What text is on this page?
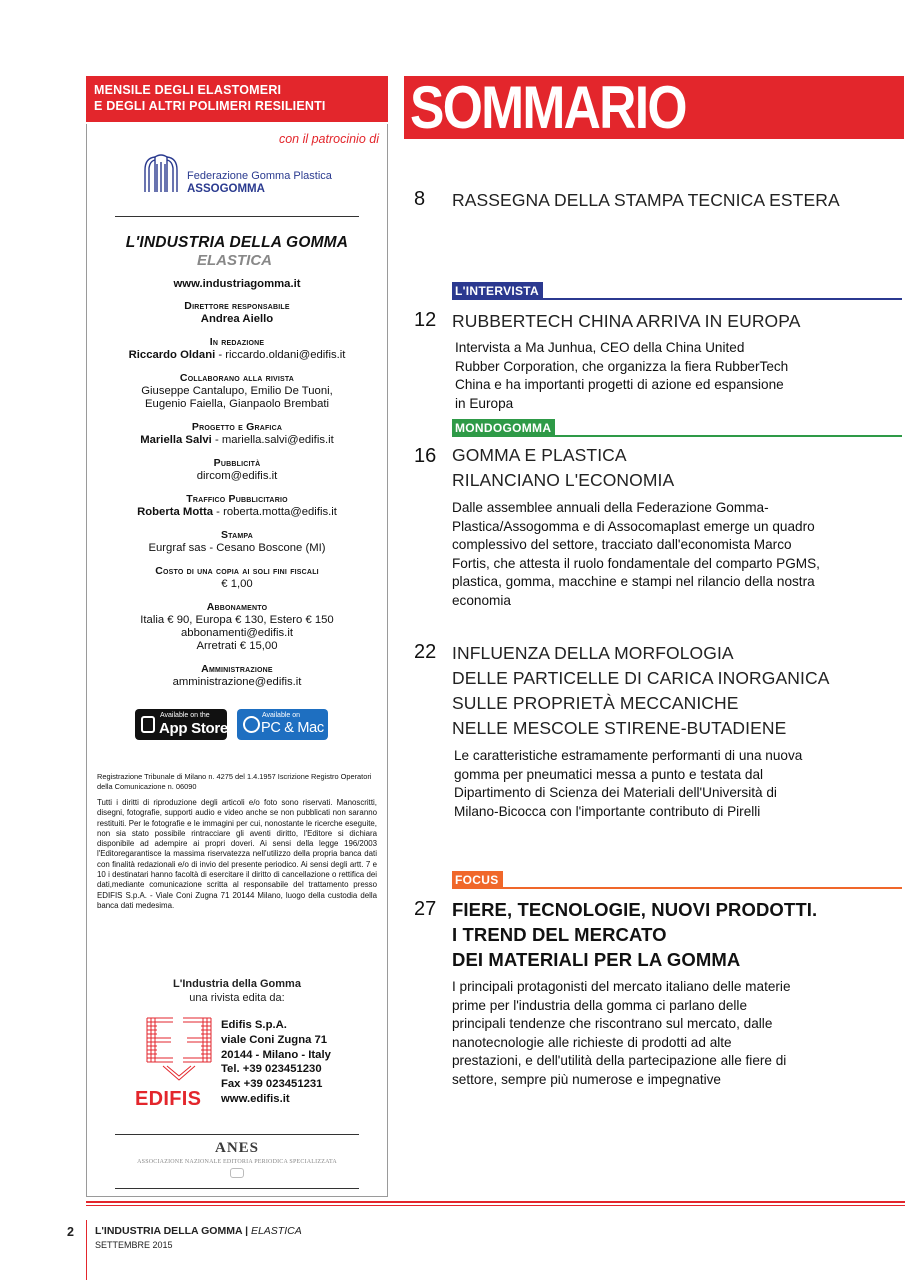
MENSILE DEGLI ELASTOMERI
E DEGLI ALTRI POLIMERI RESILIENTI
con il patrocinio di
Federazione Gomma Plastica
ASSOGOMMA
L'INDUSTRIA DELLA GOMMA
ELASTICA
www.industriagomma.it
Direttore responsabile
Andrea Aiello
In redazione
Riccardo Oldani - riccardo.oldani@edifis.it
Collaborano alla rivista
Giuseppe Cantalupo, Emilio De Tuoni,
Eugenio Faiella, Gianpaolo Brembati
Progetto e Grafica
Mariella Salvi - mariella.salvi@edifis.it
Pubblicità
dircom@edifis.it
Traffico Pubblicitario
Roberta Motta - roberta.motta@edifis.it
Stampa
Eurgraf sas - Cesano Boscone (MI)
Costo di una copia ai soli fini fiscali
€ 1,00
Abbonamento
Italia € 90, Europa € 130, Estero € 150
abbonamenti@edifis.it
Arretrati € 15,00
Amministrazione
amministrazione@edifis.it
Available on the
App Store
Available on
PC & Mac
Registrazione Tribunale di Milano n. 4275 del 1.4.1957 Iscrizione Registro Operatori della Comunicazione n. 06090
Tutti i diritti di riproduzione degli articoli e/o foto sono riservati. Manoscritti, disegni, fotografie, supporti audio e video anche se non pubblicati non saranno restituiti. Per le fotografie e le immagini per cui, nonostante le ricerche eseguite, non sia stato possibile rintracciare gli aventi diritto, l'Editore si dichiara disponibile ad adempire ai propri doveri. Ai sensi della legge 196/2003 l'Editoregarantisce la massima riservatezza nell'utilizzo della propria banca dati con finalità redazionali e/o di invio del presente periodico. Ai sensi degli artt. 7 e 10 i destinatari hanno facoltà di esercitare il diritto di cancellazione o rettifica dei dati,mediante comunicazione scritta al responsabile del trattamento presso EDIFIS S.p.A. - Viale Coni Zugna 71 20144 Milano, luogo della custodia della banca dati medesima.
L'Industria della Gomma
una rivista edita da:
EDIFIS
Edifis S.p.A.
viale Coni Zugna 71
20144 - Milano - Italy
Tel. +39 023451230
Fax +39 023451231
www.edifis.it
ANES
ASSOCIAZIONE NAZIONALE EDITORIA PERIODICA SPECIALIZZATA
SOMMARIO
8 RASSEGNA DELLA STAMPA TECNICA ESTERA
L'INTERVISTA
12 RUBBERTECH CHINA ARRIVA IN EUROPA
Intervista a Ma Junhua, CEO della China United Rubber Corporation, che organizza la fiera RubberTech China e ha importanti progetti di azione ed espansione in Europa
MONDOGOMMA
16 GOMMA E PLASTICA
RILANCIANO L'ECONOMIA
Dalle assemblee annuali della Federazione Gomma-Plastica/Assogomma e di Assocomaplast emerge un quadro complessivo del settore, tracciato dall'economista Marco Fortis, che attesta il ruolo fondamentale del comparto PGMS, plastica, gomma, macchine e stampi nel rilancio della nostra economia
22 INFLUENZA DELLA MORFOLOGIA
DELLE PARTICELLE DI CARICA INORGANICA
SULLE PROPRIETÀ MECCANICHE
NELLE MESCOLE STIRENE-BUTADIENE
Le caratteristiche estramamente performanti di una nuova gomma per pneumatici messa a punto e testata dal Dipartimento di Scienza dei Materiali dell'Università di Milano-Bicocca con l'importante contributo di Pirelli
FOCUS
27 FIERE, TECNOLOGIE, NUOVI PRODOTTI.
I TREND DEL MERCATO
DEI MATERIALI PER LA GOMMA
I principali protagonisti del mercato italiano delle materie prime per l'industria della gomma ci parlano delle principali tendenze che riscontrano sul mercato, dalle nanotecnologie alle richieste di prodotti ad alte prestazioni, e dell'utilità della partecipazione alle fiere di settore, sempre più numerose e impegnative
2 L'INDUSTRIA DELLA GOMMA | ELASTICA
SETTEMBRE 2015
